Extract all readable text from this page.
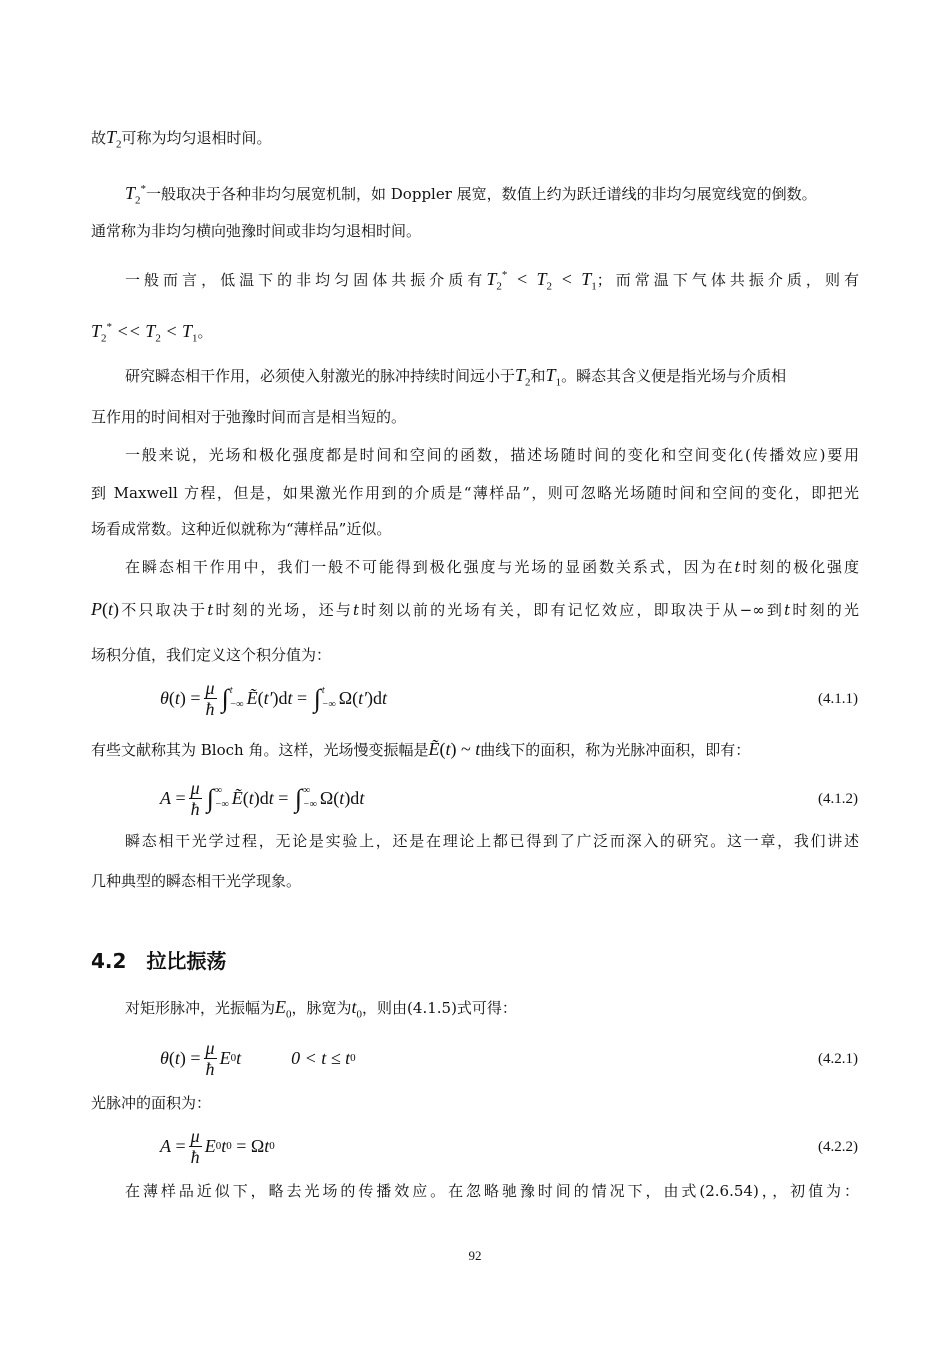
故$T_2$可称为均匀退相时间。
$T_2^*$一般取决于各种非均匀展宽机制，如 Doppler 展宽，数值上约为跃迁谱线的非均匀展宽线宽的倒数。
通常称为非均匀横向弛豫时间或非均匀退相时间。
一般而言，低温下的非均匀固体共振介质有$T_2^* < T_2 < T_1$；而常温下气体共振介质，则有
$T_2^* << T_2 < T_1$。
研究瞬态相干作用，必须使入射激光的脉冲持续时间远小于$T_2$和$T_1$。瞬态其含义便是指光场与介质相
互作用的时间相对于弛豫时间而言是相当短的。
一般来说，光场和极化强度都是时间和空间的函数，描述场随时间的变化和空间变化(传播效应)要用
到 Maxwell 方程，但是，如果激光作用到的介质是“薄样品”，则可忽略光场随时间和空间的变化，即把光
场看成常数。这种近似就称为“薄样品”近似。
在瞬态相干作用中，我们一般不可能得到极化强度与光场的显函数关系式，因为在t时刻的极化强度
P(t)不只取决于t时刻的光场，还与t时刻以前的光场有关，即有记忆效应，即取决于从−∞到t时刻的光
场积分值，我们定义这个积分值为：
θ ( t ) = $\frac{\mu}{ħ}$ ∫ t
−∞ Ẽ ( t′ )d t = ∫ t
−∞ Ω( t′ )d t	(4.1.1)
有些文献称其为 Bloch 角。这样，光场慢变振幅是Ẽ(t) ~ t曲线下的面积，称为光脉冲面积，即有：
$A = \frac{\mu}{ħ}$ ∫ ∞
−∞ Ẽ ( t )d t = ∫ ∞
−∞ Ω( t )d t	(4.1.2)
瞬态相干光学过程，无论是实验上，还是在理论上都已得到了广泛而深入的研究。这一章，我们讲述
几种典型的瞬态相干光学现象。
4.2 拉比振荡
对矩形脉冲，光振幅为$E_0$，脉宽为$t_0$，则由(4.1.5)式可得：
θ ( t ) = $\frac{\mu}{ħ}$ E 0 t	0 < t ≤ t 0	(4.2.1)
光脉冲的面积为：
$A = \frac{\mu}{ħ}$ E 0 t 0 = Ω t 0	(4.2.2)
在薄样品近似下，略去光场的传播效应。在忽略驰豫时间的情况下，由式(2.6.54)，，初值为：
92
